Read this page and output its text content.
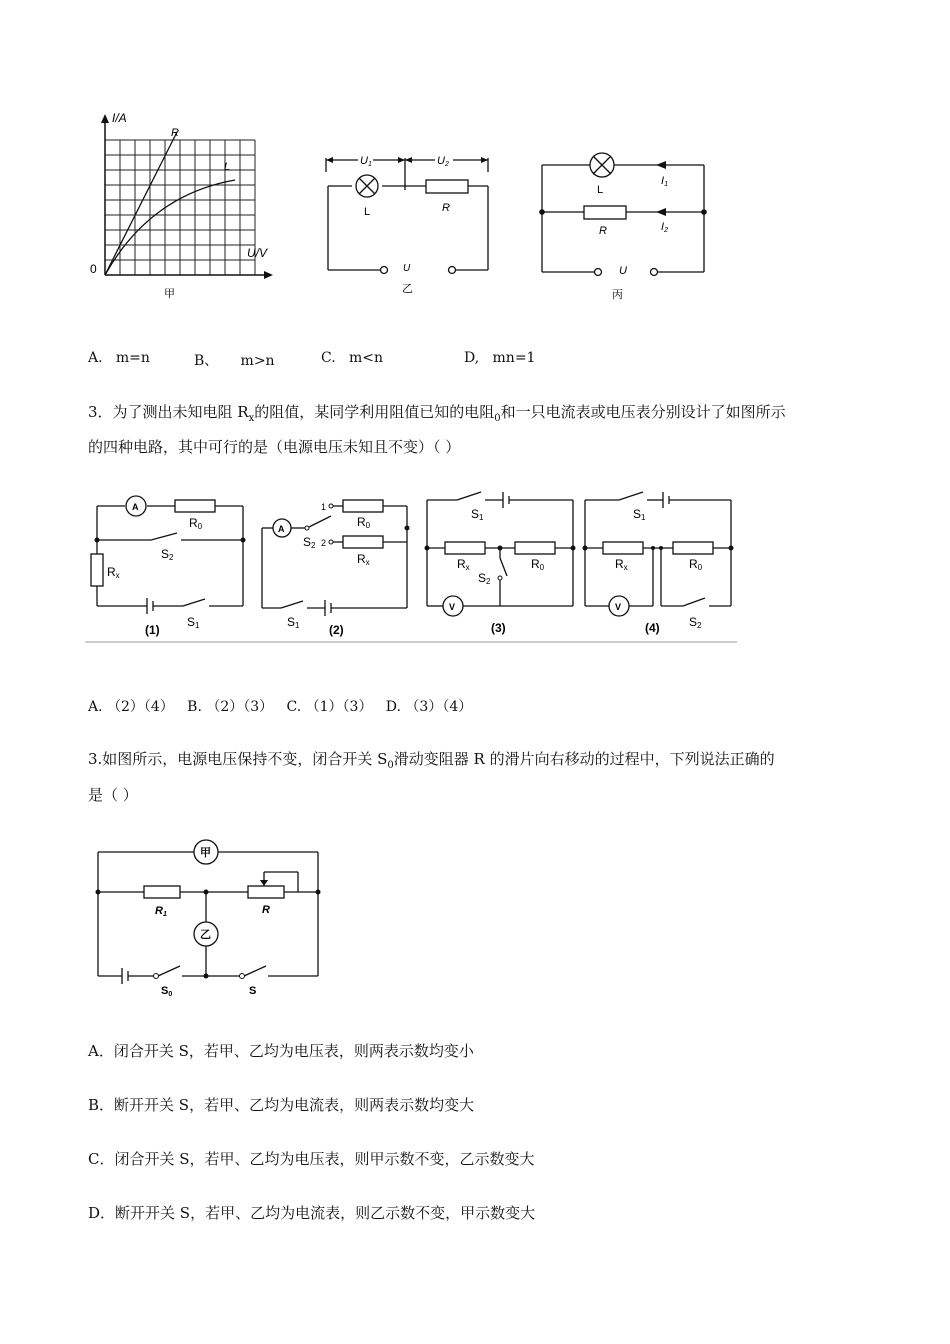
I/A
U/V
0
R
L
甲
U1	U2
L	R
U
乙
L
I1
R	I2
U
丙
A.   m=n	B、     m>n	C.   m<n	D,   mn=1
3．为了测出未知电阻 $R_x$的阻值，某同学利用阻值已知的电阻$_0$和一只电流表或电压表分别设计了如图所示
的四种电路，其中可行的是（电源电压未知且不变）（ ）
A
R0
S2
Rx
S1
(1)
A
1
2
R0
S2
Rx
S1 (2)
S1
Rx	R0
S2
V
(3)
S1
Rx	R0
V
S2
(4)
A. （2）（4）   B. （2）（3）   C. （1）（3）   D. （3）（4）
3.如图所示，电源电压保持不变，闭合开关 $S_0$滑动变阻器 R 的滑片向右移动的过程中，下列说法正确的
是（ ）
甲
乙
R1	R
S0	S
A．闭合开关 S，若甲、乙均为电压表，则两表示数均变小
B．断开开关 S，若甲、乙均为电流表，则两表示数均变大
C．闭合开关 S，若甲、乙均为电压表，则甲示数不变，乙示数变大
D．断开开关 S，若甲、乙均为电流表，则乙示数不变，甲示数变大
